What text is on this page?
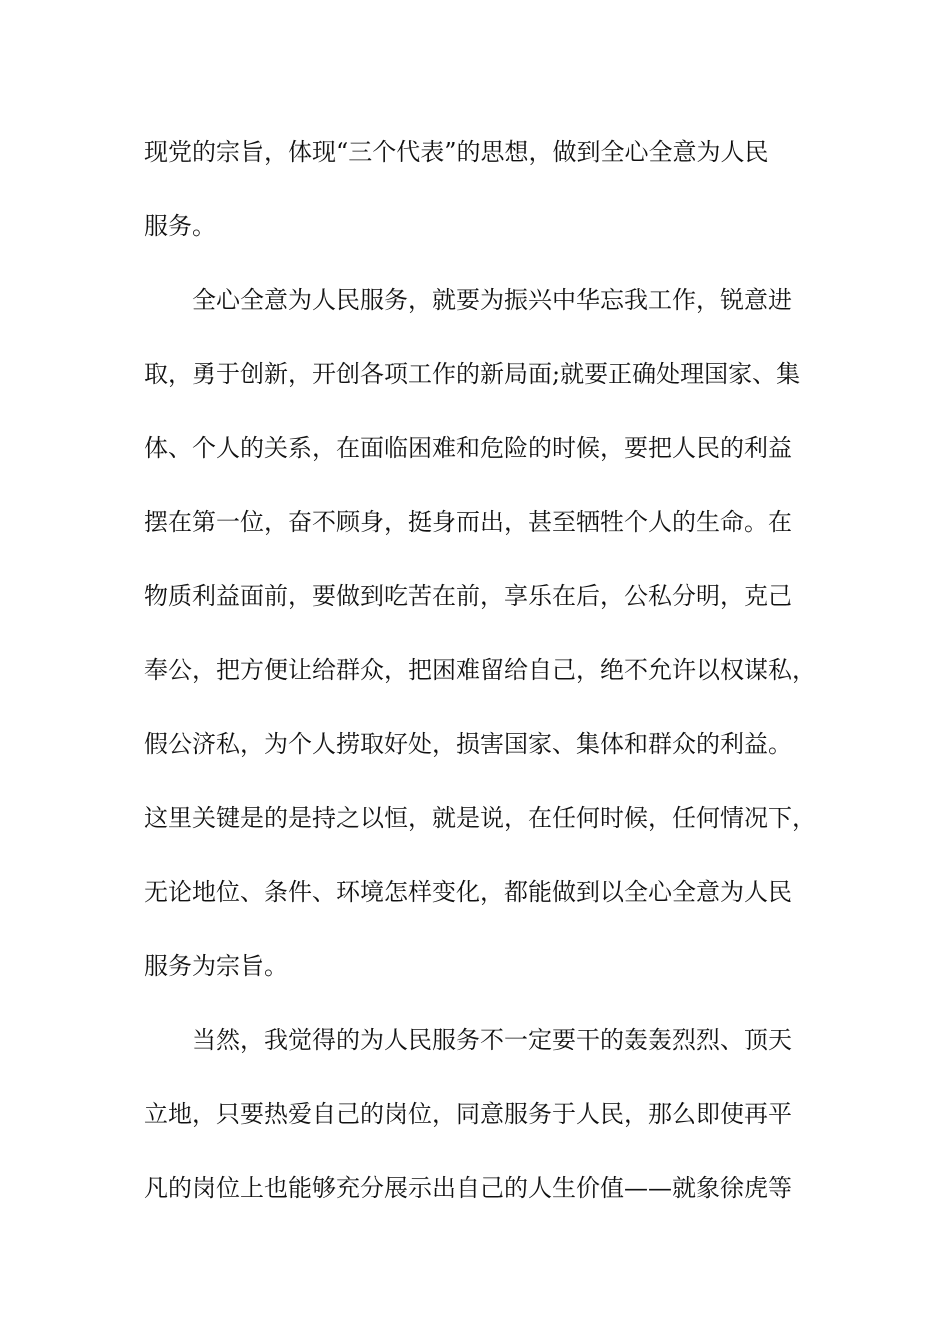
现党的宗旨，体现“三个代表”的思想，做到全心全意为人民
服务。
全心全意为人民服务，就要为振兴中华忘我工作，锐意进
取，勇于创新，开创各项工作的新局面;就要正确处理国家、集
体、个人的关系，在面临困难和危险的时候，要把人民的利益
摆在第一位，奋不顾身，挺身而出，甚至牺牲个人的生命。在
物质利益面前，要做到吃苦在前，享乐在后，公私分明，克己
奉公，把方便让给群众，把困难留给自己，绝不允许以权谋私，
假公济私，为个人捞取好处，损害国家、集体和群众的利益。
这里关键是的是持之以恒，就是说，在任何时候，任何情况下，
无论地位、条件、环境怎样变化，都能做到以全心全意为人民
服务为宗旨。
当然，我觉得的为人民服务不一定要干的轰轰烈烈、顶天
立地，只要热爱自己的岗位，同意服务于人民，那么即使再平
凡的岗位上也能够充分展示出自己的人生价值——就象徐虎等
